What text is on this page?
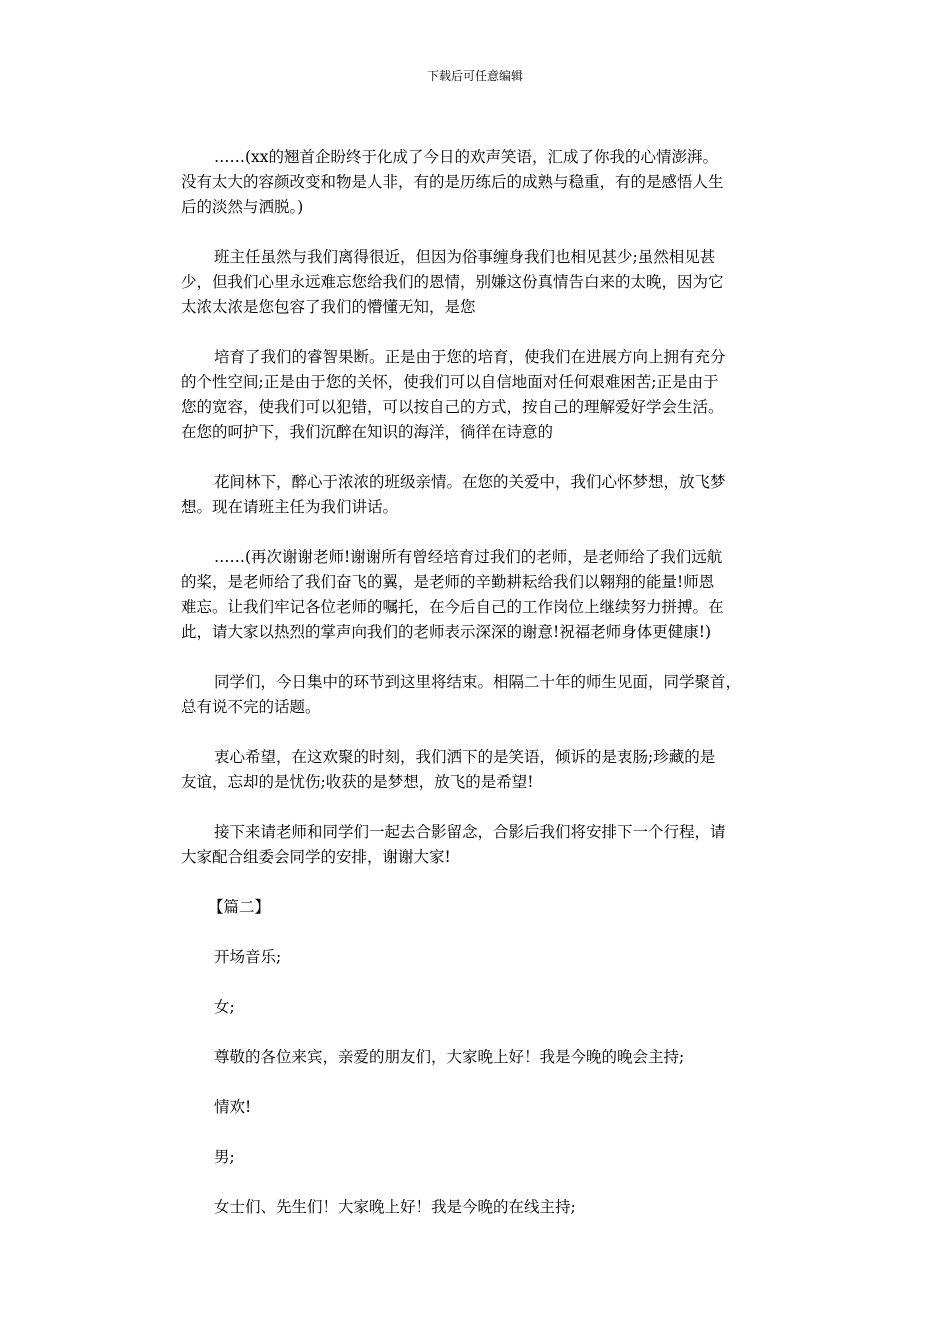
下载后可任意编辑

……(xx的翘首企盼终于化成了今日的欢声笑语，汇成了你我的心情澎湃。
没有太大的容颜改变和物是人非，有的是历练后的成熟与稳重，有的是感悟人生
后的淡然与洒脱。)

班主任虽然与我们离得很近，但因为俗事缠身我们也相见甚少;虽然相见甚
少，但我们心里永远难忘您给我们的恩情，别嫌这份真情告白来的太晚，因为它
太浓太浓是您包容了我们的懵懂无知，是您

培育了我们的睿智果断。正是由于您的培育，使我们在进展方向上拥有充分
的个性空间;正是由于您的关怀，使我们可以自信地面对任何艰难困苦;正是由于
您的宽容，使我们可以犯错，可以按自己的方式，按自己的理解爱好学会生活。
在您的呵护下，我们沉醉在知识的海洋，徜徉在诗意的

花间林下，醉心于浓浓的班级亲情。在您的关爱中，我们心怀梦想，放飞梦
想。现在请班主任为我们讲话。

……(再次谢谢老师!谢谢所有曾经培育过我们的老师，是老师给了我们远航
的桨，是老师给了我们奋飞的翼，是老师的辛勤耕耘给我们以翱翔的能量!师恩
难忘。让我们牢记各位老师的嘱托，在今后自己的工作岗位上继续努力拼搏。在
此，请大家以热烈的掌声向我们的老师表示深深的谢意!祝福老师身体更健康!)

同学们，今日集中的环节到这里将结束。相隔二十年的师生见面，同学聚首，
总有说不完的话题。

衷心希望，在这欢聚的时刻，我们洒下的是笑语，倾诉的是衷肠;珍藏的是
友谊，忘却的是忧伤;收获的是梦想，放飞的是希望!

接下来请老师和同学们一起去合影留念，合影后我们将安排下一个行程，请
大家配合组委会同学的安排，谢谢大家!

【篇二】

开场音乐;

女;

尊敬的各位来宾，亲爱的朋友们，大家晚上好！我是今晚的晚会主持;

情欢!

男;

女士们、先生们！大家晚上好！我是今晚的在线主持;
